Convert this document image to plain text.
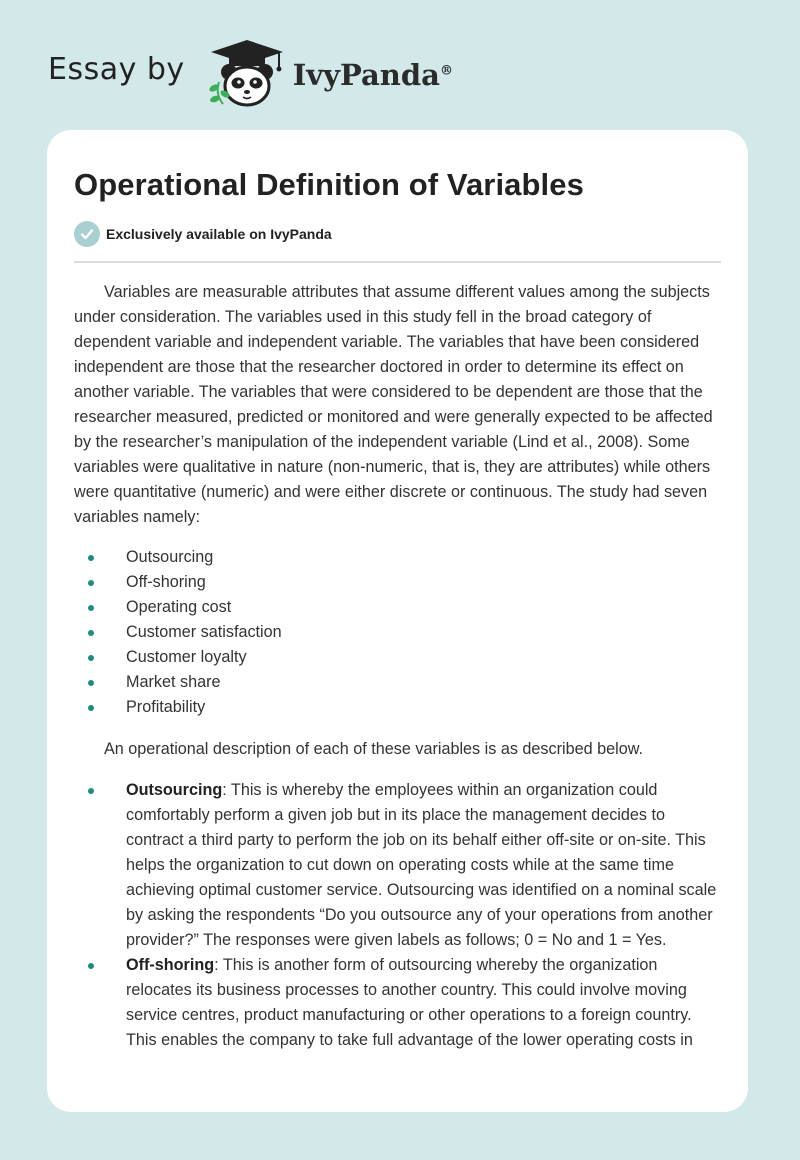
Essay by	IvyPanda®
Operational Definition of Variables
Exclusively available on IvyPanda

Variables are measurable attributes that assume different values among the subjects under consideration. The variables used in this study fell in the broad category of dependent variable and independent variable. The variables that have been considered independent are those that the researcher doctored in order to determine its effect on another variable. The variables that were considered to be dependent are those that the researcher measured, predicted or monitored and were generally expected to be affected by the researcher’s manipulation of the independent variable (Lind et al., 2008). Some variables were qualitative in nature (non-numeric, that is, they are attributes) while others were quantitative (numeric) and were either discrete or continuous. The study had seven variables namely:

Outsourcing
Off-shoring
Operating cost
Customer satisfaction
Customer loyalty
Market share
Profitability

An operational description of each of these variables is as described below.

Outsourcing: This is whereby the employees within an organization could comfortably perform a given job but in its place the management decides to contract a third party to perform the job on its behalf either off-site or on-site. This helps the organization to cut down on operating costs while at the same time achieving optimal customer service. Outsourcing was identified on a nominal scale by asking the respondents “Do you outsource any of your operations from another provider?” The responses were given labels as follows; 0 = No and 1 = Yes.
Off-shoring: This is another form of outsourcing whereby the organization relocates its business processes to another country. This could involve moving service centres, product manufacturing or other operations to a foreign country. This enables the company to take full advantage of the lower operating costs in
